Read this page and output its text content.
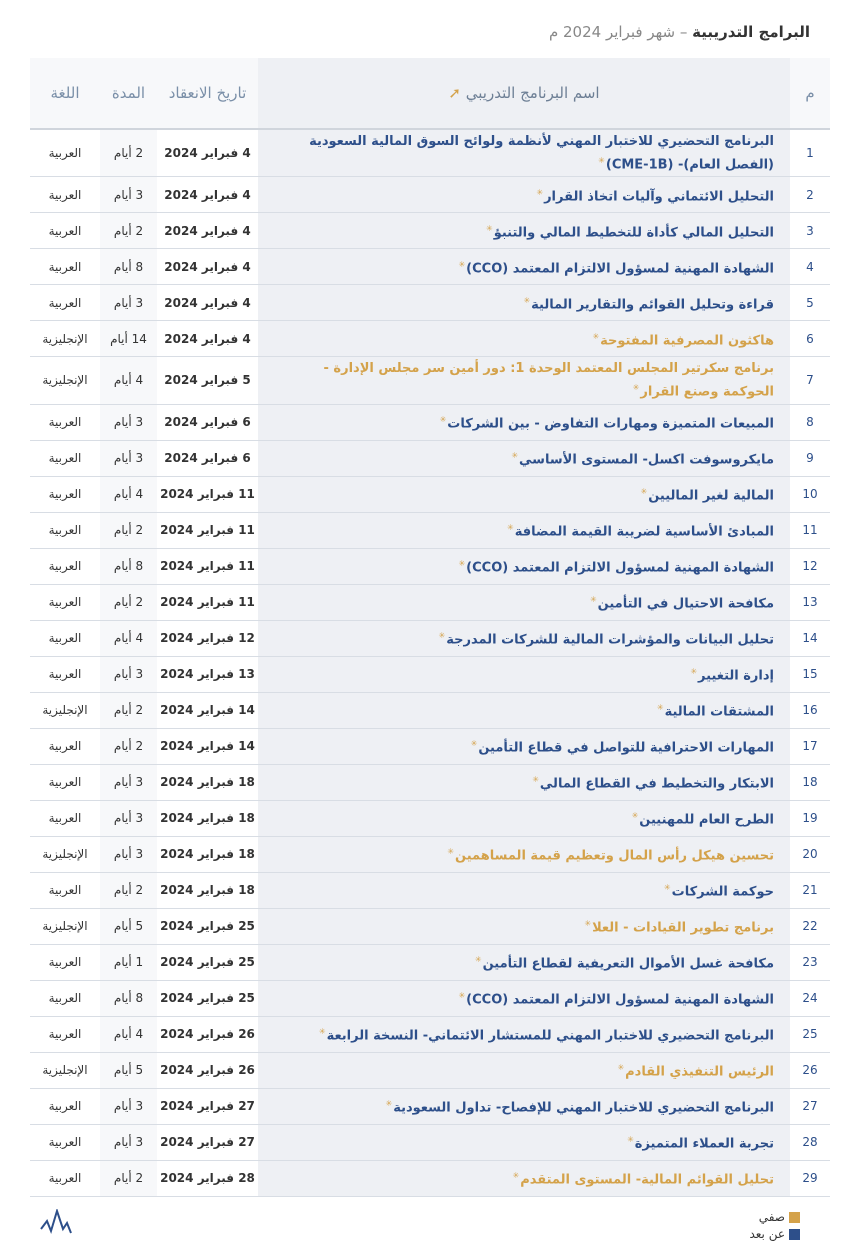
البرامج التدريبية – شهر فبراير 2024 م
م	اسم البرنامج التدريبي ➚	تاريخ الانعقاد	المدة	اللغة
1	البرنامج التحضيري للاختبار المهني لأنظمة ولوائح السوق المالية السعودية (الفصل العام)- (CME-1B)✳	4 فبراير 2024	2 أيام	العربية
2	التحليل الائتماني وآليات اتخاذ القرار✳	4 فبراير 2024	3 أيام	العربية
3	التحليل المالي كأداة للتخطيط المالي والتنبؤ✳	4 فبراير 2024	2 أيام	العربية
4	الشهادة المهنية لمسؤول الالتزام المعتمد (CCO)✳	4 فبراير 2024	8 أيام	العربية
5	قراءة وتحليل القوائم والتقارير المالية✳	4 فبراير 2024	3 أيام	العربية
6	هاكثون المصرفية المفتوحة✳	4 فبراير 2024	14 أيام	الإنجليزية
7	برنامج سكرتير المجلس المعتمد الوحدة 1: دور أمين سر مجلس الإدارة - الحوكمة وصنع القرار✳	5 فبراير 2024	4 أيام	الإنجليزية
8	المبيعات المتميزة ومهارات التفاوض - بين الشركات✳	6 فبراير 2024	3 أيام	العربية
9	مايكروسوفت اكسل- المستوى الأساسي✳	6 فبراير 2024	3 أيام	العربية
10	المالية لغير الماليين✳	11 فبراير 2024	4 أيام	العربية
11	المبادئ الأساسية لضريبة القيمة المضافة✳	11 فبراير 2024	2 أيام	العربية
12	الشهادة المهنية لمسؤول الالتزام المعتمد (CCO)✳	11 فبراير 2024	8 أيام	العربية
13	مكافحة الاحتيال في التأمين✳	11 فبراير 2024	2 أيام	العربية
14	تحليل البيانات والمؤشرات المالية للشركات المدرجة✳	12 فبراير 2024	4 أيام	العربية
15	إدارة التغيير✳	13 فبراير 2024	3 أيام	العربية
16	المشتقات المالية✳	14 فبراير 2024	2 أيام	الإنجليزية
17	المهارات الاحترافية للتواصل في قطاع التأمين✳	14 فبراير 2024	2 أيام	العربية
18	الابتكار والتخطيط في القطاع المالي✳	18 فبراير 2024	3 أيام	العربية
19	الطرح العام للمهنيين✳	18 فبراير 2024	3 أيام	العربية
20	تحسين هيكل رأس المال وتعظيم قيمة المساهمين✳	18 فبراير 2024	3 أيام	الإنجليزية
21	حوكمة الشركات✳	18 فبراير 2024	2 أيام	العربية
22	برنامج تطوير القيادات - العلا✳	25 فبراير 2024	5 أيام	الإنجليزية
23	مكافحة غسل الأموال التعريفية لقطاع التأمين✳	25 فبراير 2024	1 أيام	العربية
24	الشهادة المهنية لمسؤول الالتزام المعتمد (CCO)✳	25 فبراير 2024	8 أيام	العربية
25	البرنامج التحضيري للاختبار المهني للمستشار الائتماني- النسخة الرابعة✳	26 فبراير 2024	4 أيام	العربية
26	الرئيس التنفيذي القادم✳	26 فبراير 2024	5 أيام	الإنجليزية
27	البرنامج التحضيري للاختبار المهني للإفصاح- تداول السعودية✳	27 فبراير 2024	3 أيام	العربية
28	تجربة العملاء المتميزة✳	27 فبراير 2024	3 أيام	العربية
29	تحليل القوائم المالية- المستوى المتقدم✳	28 فبراير 2024	2 أيام	العربية
صفي
عن بعد
